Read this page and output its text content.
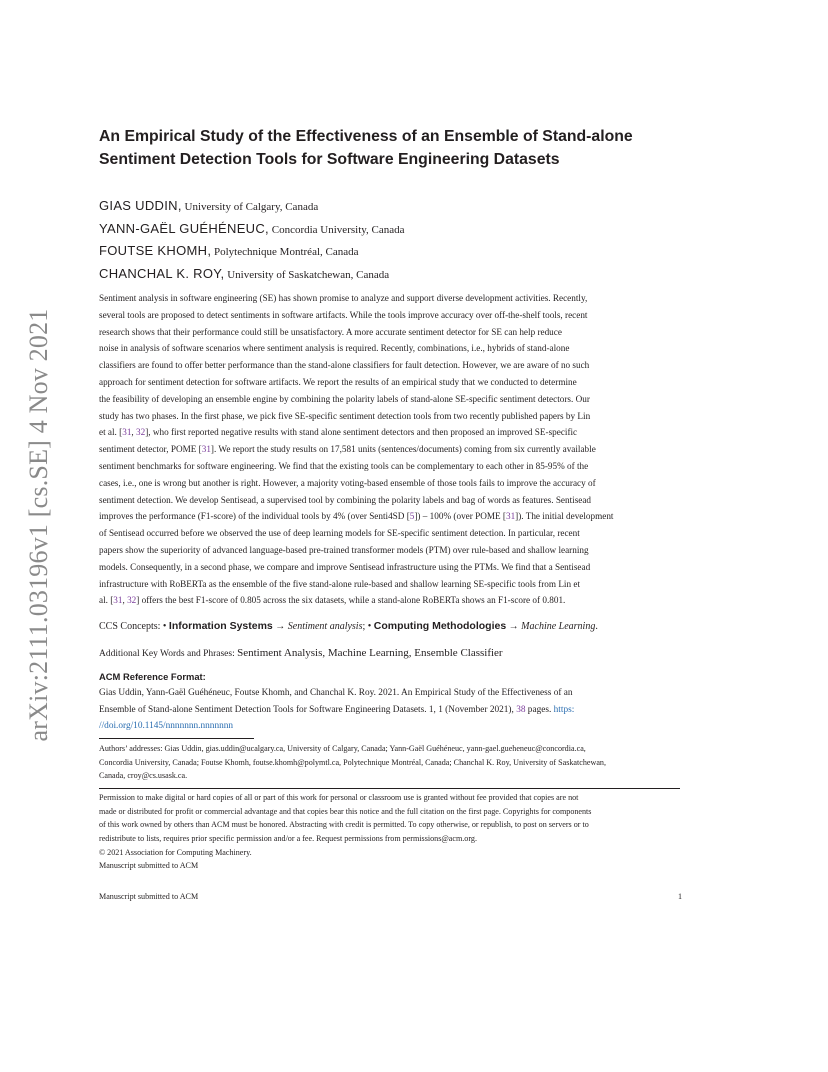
arXiv:2111.03196v1 [cs.SE] 4 Nov 2021
An Empirical Study of the Effectiveness of an Ensemble of Stand-alone
Sentiment Detection Tools for Software Engineering Datasets
GIAS UDDIN, University of Calgary, Canada
YANN-GAËL GUÉHÉNEUC, Concordia University, Canada
FOUTSE KHOMH, Polytechnique Montréal, Canada
CHANCHAL K. ROY, University of Saskatchewan, Canada
Sentiment analysis in software engineering (SE) has shown promise to analyze and support diverse development activities. Recently,
several tools are proposed to detect sentiments in software artifacts. While the tools improve accuracy over off-the-shelf tools, recent
research shows that their performance could still be unsatisfactory. A more accurate sentiment detector for SE can help reduce
noise in analysis of software scenarios where sentiment analysis is required. Recently, combinations, i.e., hybrids of stand-alone
classifiers are found to offer better performance than the stand-alone classifiers for fault detection. However, we are aware of no such
approach for sentiment detection for software artifacts. We report the results of an empirical study that we conducted to determine
the feasibility of developing an ensemble engine by combining the polarity labels of stand-alone SE-specific sentiment detectors. Our
study has two phases. In the first phase, we pick five SE-specific sentiment detection tools from two recently published papers by Lin
et al. [31, 32], who first reported negative results with stand alone sentiment detectors and then proposed an improved SE-specific
sentiment detector, POME [31]. We report the study results on 17,581 units (sentences/documents) coming from six currently available
sentiment benchmarks for software engineering. We find that the existing tools can be complementary to each other in 85-95% of the
cases, i.e., one is wrong but another is right. However, a majority voting-based ensemble of those tools fails to improve the accuracy of
sentiment detection. We develop Sentisead, a supervised tool by combining the polarity labels and bag of words as features. Sentisead
improves the performance (F1-score) of the individual tools by 4% (over Senti4SD [5]) – 100% (over POME [31]). The initial development
of Sentisead occurred before we observed the use of deep learning models for SE-specific sentiment detection. In particular, recent
papers show the superiority of advanced language-based pre-trained transformer models (PTM) over rule-based and shallow learning
models. Consequently, in a second phase, we compare and improve Sentisead infrastructure using the PTMs. We find that a Sentisead
infrastructure with RoBERTa as the ensemble of the five stand-alone rule-based and shallow learning SE-specific tools from Lin et
al. [31, 32] offers the best F1-score of 0.805 across the six datasets, while a stand-alone RoBERTa shows an F1-score of 0.801.
CCS Concepts: • Information Systems → Sentiment analysis; • Computing Methodologies → Machine Learning.
Additional Key Words and Phrases: Sentiment Analysis, Machine Learning, Ensemble Classifier
ACM Reference Format:
Gias Uddin, Yann-Gaël Guéhéneuc, Foutse Khomh, and Chanchal K. Roy. 2021. An Empirical Study of the Effectiveness of an
Ensemble of Stand-alone Sentiment Detection Tools for Software Engineering Datasets. 1, 1 (November 2021), 38 pages. https:
//doi.org/10.1145/nnnnnnn.nnnnnnn
Authors’ addresses: Gias Uddin, gias.uddin@ucalgary.ca, University of Calgary, Canada; Yann-Gaël Guéhéneuc, yann-gael.gueheneuc@concordia.ca,
Concordia University, Canada; Foutse Khomh, foutse.khomh@polymtl.ca, Polytechnique Montréal, Canada; Chanchal K. Roy, University of Saskatchewan,
Canada, croy@cs.usask.ca.
Permission to make digital or hard copies of all or part of this work for personal or classroom use is granted without fee provided that copies are not
made or distributed for profit or commercial advantage and that copies bear this notice and the full citation on the first page. Copyrights for components
of this work owned by others than ACM must be honored. Abstracting with credit is permitted. To copy otherwise, or republish, to post on servers or to
redistribute to lists, requires prior specific permission and/or a fee. Request permissions from permissions@acm.org.
© 2021 Association for Computing Machinery.
Manuscript submitted to ACM
Manuscript submitted to ACM	1
